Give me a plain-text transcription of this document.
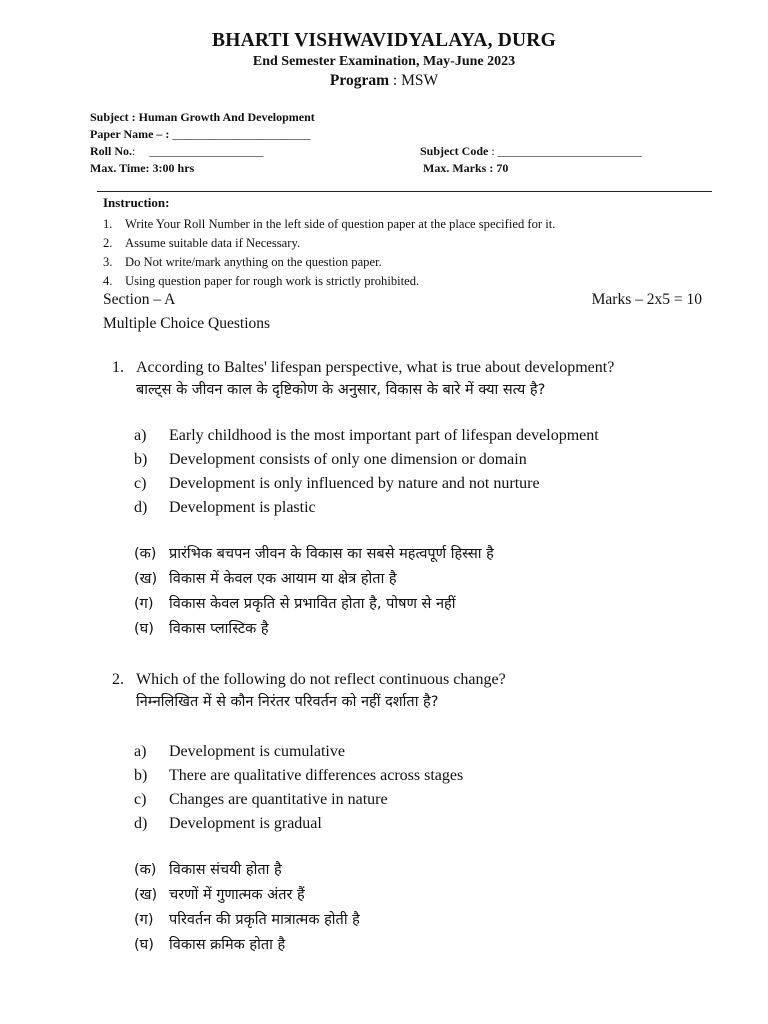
BHARTI VISHWAVIDYALAYA, DURG
End Semester Examination, May-June 2023
Program : MSW
Subject : Human Growth And Development
Paper Name – : _______________________
Roll No.: ___________________	Subject Code : ________________________
Max. Time: 3:00 hrs	Max. Marks : 70
Instruction:
1. Write Your Roll Number in the left side of question paper at the place specified for it.
2. Assume suitable data if Necessary.
3. Do Not write/mark anything on the question paper.
4. Using question paper for rough work is strictly prohibited.
Section – A	Marks – 2x5 = 10
Multiple Choice Questions
1. According to Baltes' lifespan perspective, what is true about development?
बाल्ट्स के जीवन काल के दृष्टिकोण के अनुसार, विकास के बारे में क्या सत्य है?
a) Early childhood is the most important part of lifespan development
b) Development consists of only one dimension or domain
c) Development is only influenced by nature and not nurture
d) Development is plastic
(क) प्रारंभिक बचपन जीवन के विकास का सबसे महत्वपूर्ण हिस्सा है
(ख) विकास में केवल एक आयाम या क्षेत्र होता है
(ग) विकास केवल प्रकृति से प्रभावित होता है, पोषण से नहीं
(घ) विकास प्लास्टिक है
2. Which of the following do not reflect continuous change?
निम्नलिखित में से कौन निरंतर परिवर्तन को नहीं दर्शाता है?
a) Development is cumulative
b) There are qualitative differences across stages
c) Changes are quantitative in nature
d) Development is gradual
(क) विकास संचयी होता है
(ख) चरणों में गुणात्मक अंतर हैं
(ग) परिवर्तन की प्रकृति मात्रात्मक होती है
(घ) विकास क्रमिक होता है
